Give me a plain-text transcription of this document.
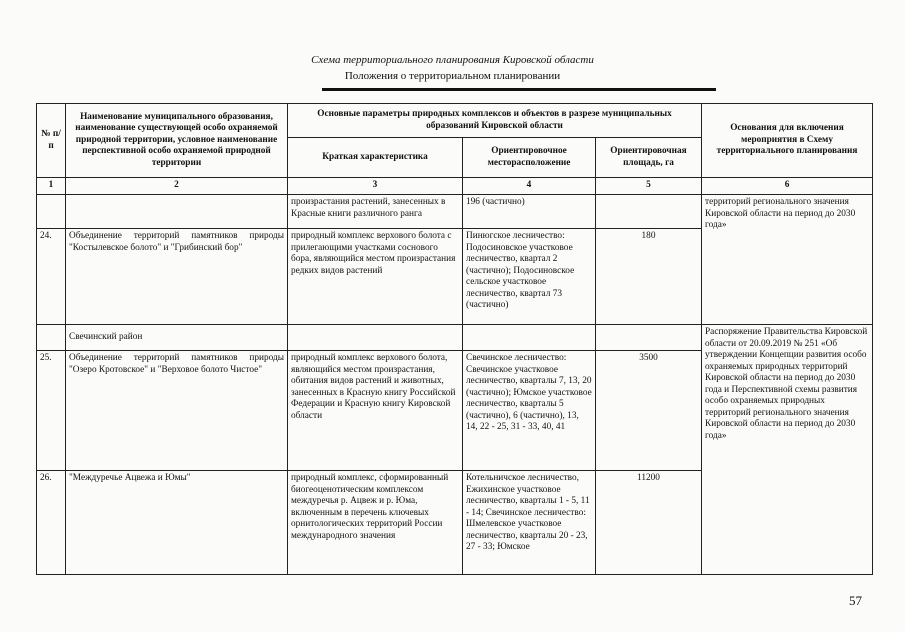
Схема территориального планирования Кировской области
Положения о территориальном планировании
№ п/п	Наименование муниципального образования, наименование существующей особо охраняемой природной территории, условное наименование перспективной особо охраняемой природной территории	Основные параметры природных комплексов и объектов в разрезе муниципальных образований Кировской области			Основания для включения мероприятия в Схему территориального планирования
		Краткая характеристика	Ориентировочное месторасположение	Ориентировочная площадь, га	
1	2	3	4	5	6
		произрастания растений, занесенных в Красные книги различного ранга	196 (частично)		территорий регионального значения Кировской области на период до 2030 года»
24.	Объединение территорий памятников природы "Костылевское болото" и "Грибинский бор"	природный комплекс верхового болота с прилегающими участками соснового бора, являющийся местом произрастания редких видов растений	Пинюгское лесничество: Подосиновское участковое лесничество, квартал 2 (частично); Подосиновское сельское участковое лесничество, квартал 73 (частично)	180	
	Свечинский район				Распоряжение Правительства Кировской области от 20.09.2019 № 251 «Об утверждении Концепции развития особо охраняемых природных территорий Кировской области на период до 2030 года и Перспективной схемы развития особо охраняемых природных территорий регионального значения Кировской области на период до 2030 года»
25.	Объединение территорий памятников природы "Озеро Кротовское" и "Верховое болото Чистое"	природный комплекс верхового болота, являющийся местом произрастания, обитания видов растений и животных, занесенных в Красную книгу Российской Федерации и Красную книгу Кировской области	Свечинское лесничество: Свечинское участковое лесничество, кварталы 7, 13, 20 (частично); Юмское участковое лесничество, кварталы 5 (частично), 6 (частично), 13, 14, 22 - 25, 31 - 33, 40, 41	3500	
26.	"Междуречье Ацвежа и Юмы"	природный комплекс, сформированный биогеоценотическим комплексом междуречья р. Ацвеж и р. Юма, включенным в перечень ключевых орнитологических территорий России международного значения	Котельничское лесничество, Ежихинское участковое лесничество, кварталы 1 - 5, 11 - 14; Свечинское лесничество: Шмелевское участковое лесничество, кварталы 20 - 23, 27 - 33; Юмское	11200	
57
